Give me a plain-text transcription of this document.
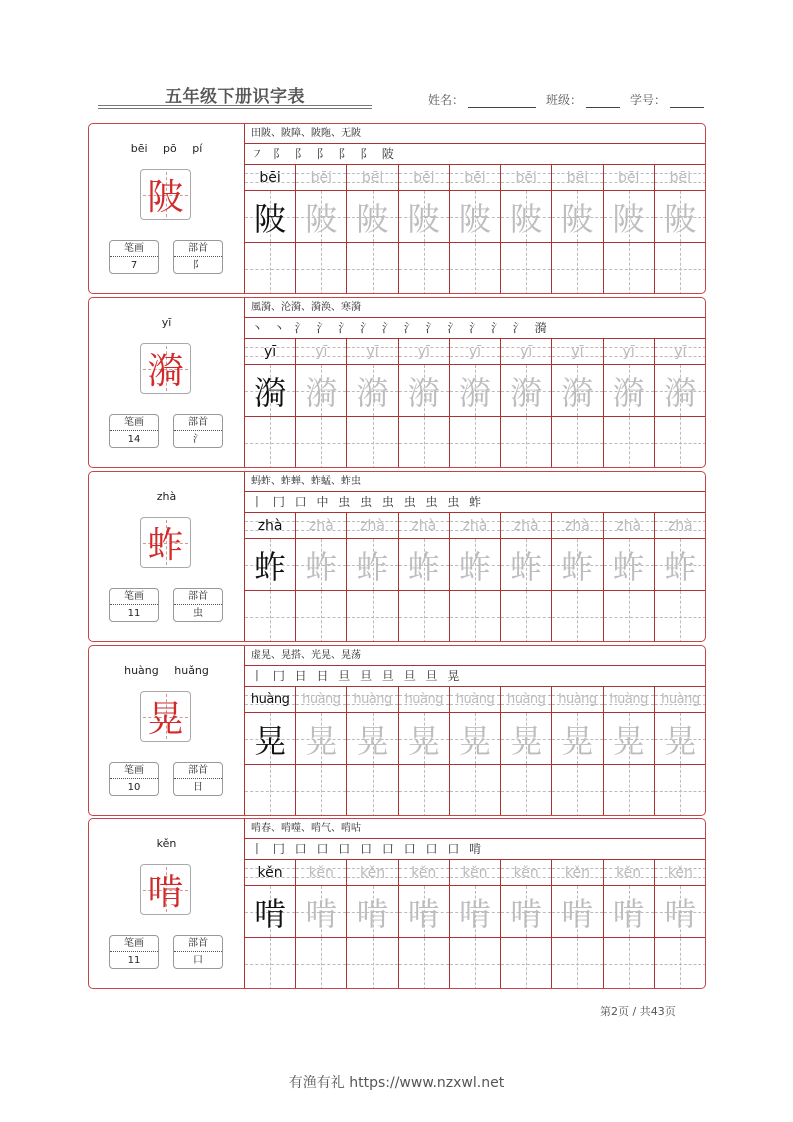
五年级下册识字表	姓名：	班级：	学号：
bēi pō pí
陂
笔画
7
部首
阝
田陂、陂障、陂陁、无陂
㇇ 阝 阝 阝 阝 阝 陂
bēi	bēi	bēi	bēi	bēi	bēi	bēi	bēi	bēi
陂 陂 陂 陂 陂 陂 陂 陂 陂
yī
漪
笔画
14
部首
氵
風漪、沦漪、漪涣、寒漪
丶 丶 氵 氵 氵 氵 氵 氵 氵 氵 氵 氵 氵 漪
yī	yī	yī	yī	yī	yī	yī	yī	yī
漪 漪 漪 漪 漪 漪 漪 漪 漪
zhà
蚱
笔画
11
部首
虫
蚂蚱、蚱蝉、蚱蜢、蚱虫
丨 冂 口 中 虫 虫 虫 虫 虫 虫 蚱
zhà	zhà	zhà	zhà	zhà	zhà	zhà	zhà	zhà
蚱 蚱 蚱 蚱 蚱 蚱 蚱 蚱 蚱
huàng huǎng
晃
笔画
10
部首
日
虚晃、晃搭、光晃、晃荡
丨 冂 日 日 旦 旦 旦 旦 旦 晃
huàng huàng huàng huàng huàng huàng huàng huàng	huàng
晃 晃 晃 晃 晃 晃 晃 晃 晃
kěn
啃
笔画
11
部首
口
啃春、啃噬、啃气、啃咕
丨 冂 口 口 口 口 口 口 口 口 啃
kěn	kěn	kěn	kěn	kěn	kěn	kěn	kěn	kěn
啃 啃 啃 啃 啃 啃 啃 啃 啃
第2页 / 共43页
有渔有礼 https://www.nzxwl.net
